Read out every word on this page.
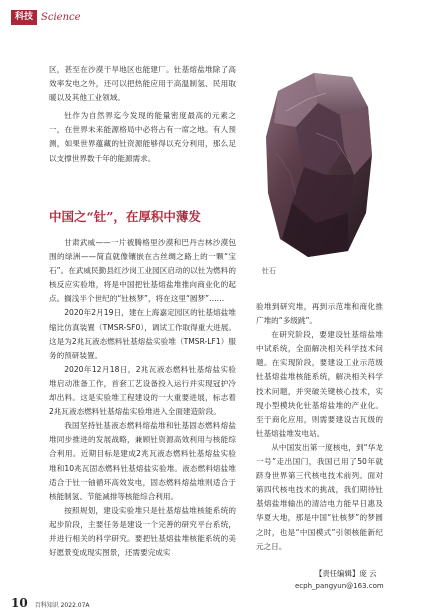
科技 Science

区，甚至在沙漠干旱地区也能建厂。钍基熔盐堆除了高效率发电之外，还可以把热能应用于高温制氢、民用取暖以及其他工业领域。

钍作为自然界迄今发现的能量密度最高的元素之一，在世界未来能源格局中必将占有一席之地。有人预测，如果世界蕴藏的钍资源能够得以充分利用，那么足以支撑世界数千年的能源需求。

中国之“钍”，在厚积中薄发

甘肃武威——一片被腾格里沙漠和巴丹吉林沙漠包围的绿洲——简直就像镶嵌在古丝绸之路上的一颗“宝石”。在武威民勤县红沙岗工业园区启动的以钍为燃料的核反应实验堆，将是中国把钍基熔盐堆推向商业化的起点。搁浅半个世纪的“钍核梦”，将在这里“圆梦”……

2020年2月19日，建在上海嘉定园区的钍基熔盐堆缩比仿真装置（TMSR-SF0），调试工作取得重大进展。这是为2兆瓦液态燃料钍基熔盐实验堆（TMSR-LF1）服务的预研装置。

2020年12月18日，2兆瓦液态燃料钍基熔盐实验堆启动准备工作，首套工艺设备投入运行并实现冠护冷却出料。这是实验堆工程建设的一大重要进展，标志着2兆瓦液态燃料钍基熔盐实验堆进入全面建造阶段。

我国坚持钍基液态燃料熔盐堆和钍基固态燃料熔盐堆同步推进的发展战略，兼顾钍资源高效利用与核能综合利用。近期目标是建成2兆瓦液态燃料钍基熔盐实验堆和10兆瓦固态燃料钍基熔盐实验堆。液态燃料熔盐堆适合于钍一铀循环高效发电，固态燃料熔盐堆则适合于核能制氢、节能减排等核能综合利用。

按照规划，建设实验堆只是钍基熔盐堆核能系统的起步阶段，主要任务是建设一个完善的研究平台系统，并进行相关的科学研究。要把钍基熔盐堆核能系统的美好愿景变成现实图景，还需要完成实

钍石

验堆到研究堆，再到示范堆和商化推广堆的“多级跳”。

在研究阶段，要建设钍基熔盐堆中试系统，全面解决相关科学技术问题。在实现阶段，要建设工业示范级钍基熔盐堆核能系统，解决相关科学技术问题，并突破关键核心技术，实现小型模块化钍基熔盐堆的产业化。至于商化应用，则需要建设吉瓦级的钍基熔盐堆发电站。

从中国发出第一度核电，到“华龙一号”走出国门，我国已用了50年就跻身世界第三代核电技术前列。面对第四代核电技术的挑战，我们期待钍基熔盐堆输出的清洁电力能早日惠及华夏大地，那是中国“钍核梦”的梦圆之时，也是“中国模式”引领核能新纪元之日。

【责任编辑】庞 云
ecph_pangyun@163.com
10 百科知识 2022.07A
